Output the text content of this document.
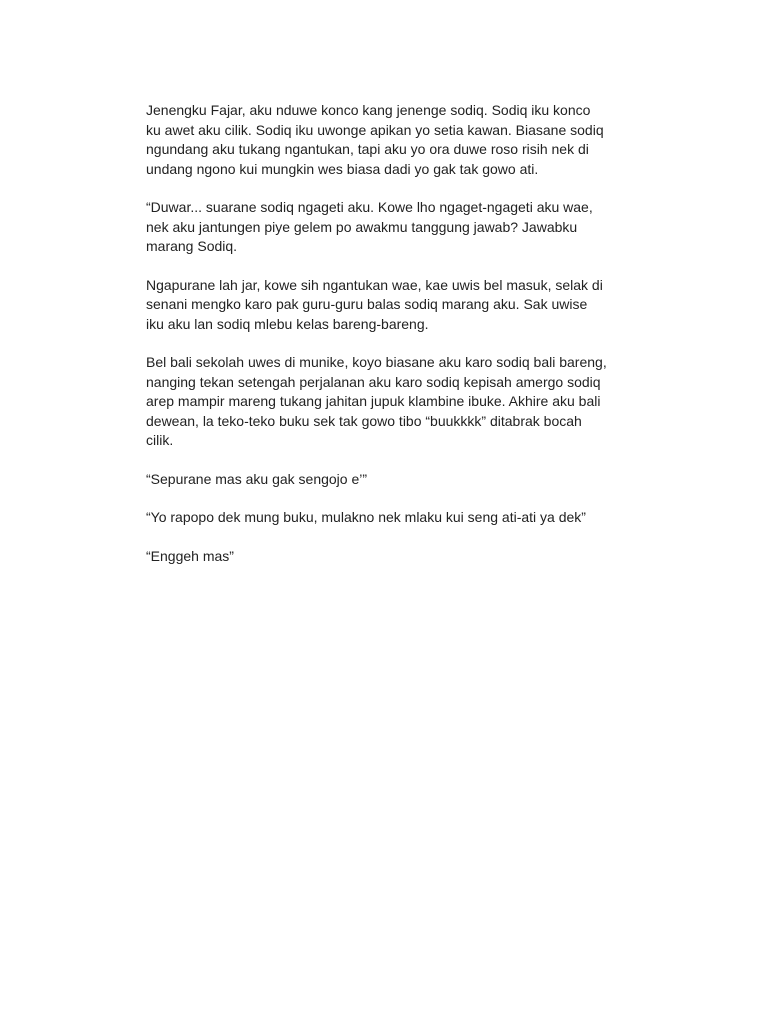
Jenengku Fajar, aku nduwe konco kang jenenge sodiq. Sodiq iku konco
ku awet aku cilik. Sodiq iku uwonge apikan yo setia kawan. Biasane sodiq
ngundang aku tukang ngantukan, tapi aku yo ora duwe roso risih nek di
undang ngono kui mungkin wes biasa dadi yo gak tak gowo ati.

“Duwar... suarane sodiq ngageti aku. Kowe lho ngaget-ngageti aku wae,
nek aku jantungen piye gelem po awakmu tanggung jawab? Jawabku
marang Sodiq.

Ngapurane lah jar, kowe sih ngantukan wae, kae uwis bel masuk, selak di
senani mengko karo pak guru-guru balas sodiq marang aku. Sak uwise
iku aku lan sodiq mlebu kelas bareng-bareng.

Bel bali sekolah uwes di munike, koyo biasane aku karo sodiq bali bareng,
nanging tekan setengah perjalanan aku karo sodiq kepisah amergo sodiq
arep mampir mareng tukang jahitan jupuk klambine ibuke. Akhire aku bali
dewean, la teko-teko buku sek tak gowo tibo “buukkkk” ditabrak bocah
cilik.

“Sepurane mas aku gak sengojo e’”

“Yo rapopo dek mung buku, mulakno nek mlaku kui seng ati-ati ya dek”

“Enggeh mas”
